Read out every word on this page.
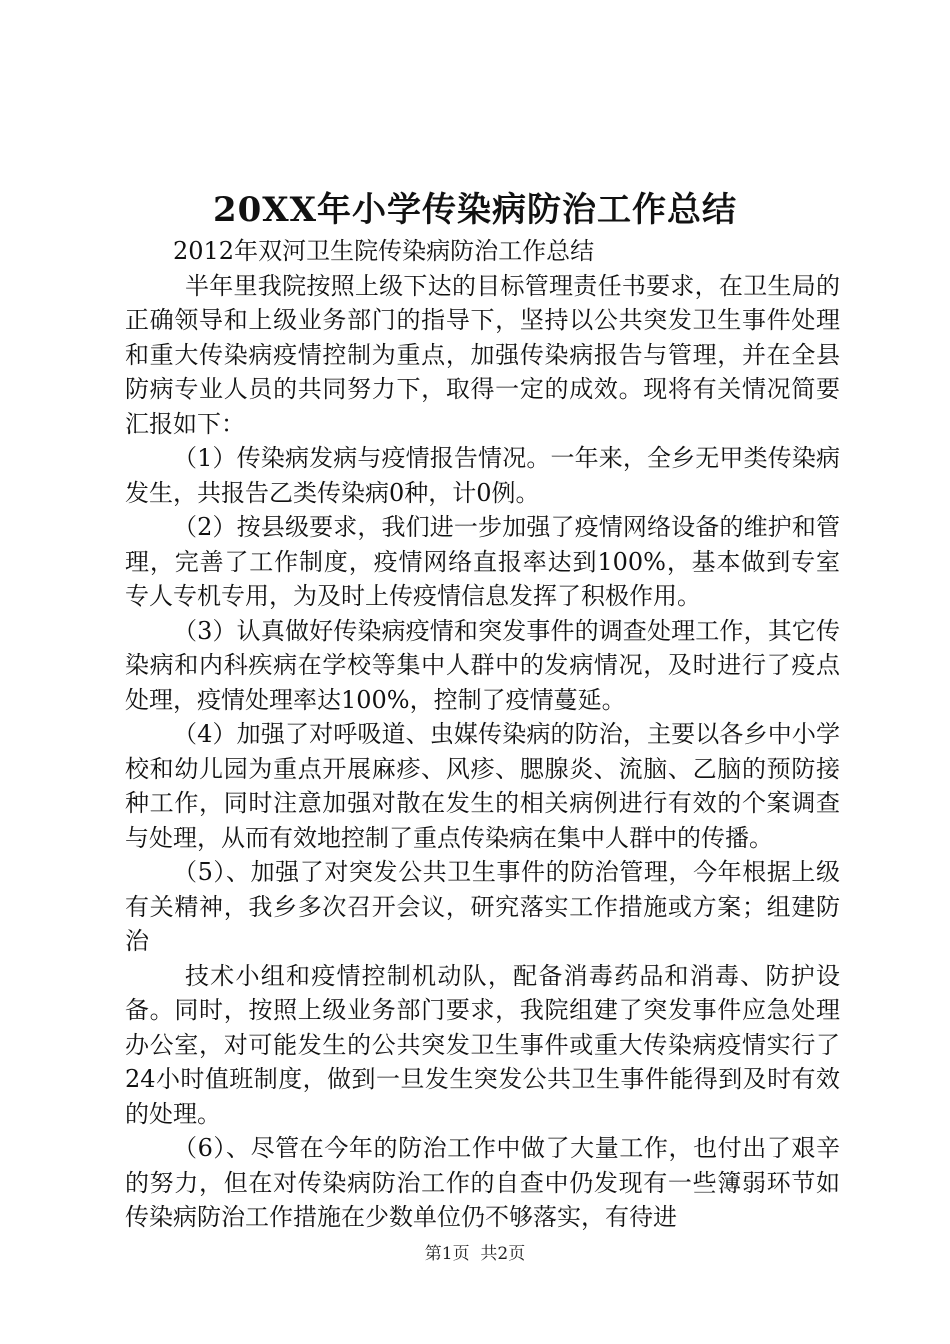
20XX年小学传染病防治工作总结

2012年双河卫生院传染病防治工作总结

半年里我院按照上级下达的目标管理责任书要求，在卫生局的正确领导和上级业务部门的指导下，坚持以公共突发卫生事件处理和重大传染病疫情控制为重点，加强传染病报告与管理，并在全县防病专业人员的共同努力下，取得一定的成效。现将有关情况简要汇报如下：

（1）传染病发病与疫情报告情况。一年来，全乡无甲类传染病发生，共报告乙类传染病0种，计0例。

（2）按县级要求，我们进一步加强了疫情网络设备的维护和管理，完善了工作制度，疫情网络直报率达到100%，基本做到专室专人专机专用，为及时上传疫情信息发挥了积极作用。

（3）认真做好传染病疫情和突发事件的调查处理工作，其它传染病和内科疾病在学校等集中人群中的发病情况，及时进行了疫点处理，疫情处理率达100%，控制了疫情蔓延。

（4）加强了对呼吸道、虫媒传染病的防治，主要以各乡中小学校和幼儿园为重点开展麻疹、风疹、腮腺炎、流脑、乙脑的预防接种工作，同时注意加强对散在发生的相关病例进行有效的个案调查与处理，从而有效地控制了重点传染病在集中人群中的传播。

（5）、加强了对突发公共卫生事件的防治管理，今年根据上级有关精神，我乡多次召开会议，研究落实工作措施或方案；组建防治

技术小组和疫情控制机动队，配备消毒药品和消毒、防护设备。同时，按照上级业务部门要求，我院组建了突发事件应急处理办公室，对可能发生的公共突发卫生事件或重大传染病疫情实行了24小时值班制度，做到一旦发生突发公共卫生事件能得到及时有效的处理。

（6）、尽管在今年的防治工作中做了大量工作，也付出了艰辛的努力，但在对传染病防治工作的自查中仍发现有一些簿弱环节如传染病防治工作措施在少数单位仍不够落实，有待进

第1页 共2页
